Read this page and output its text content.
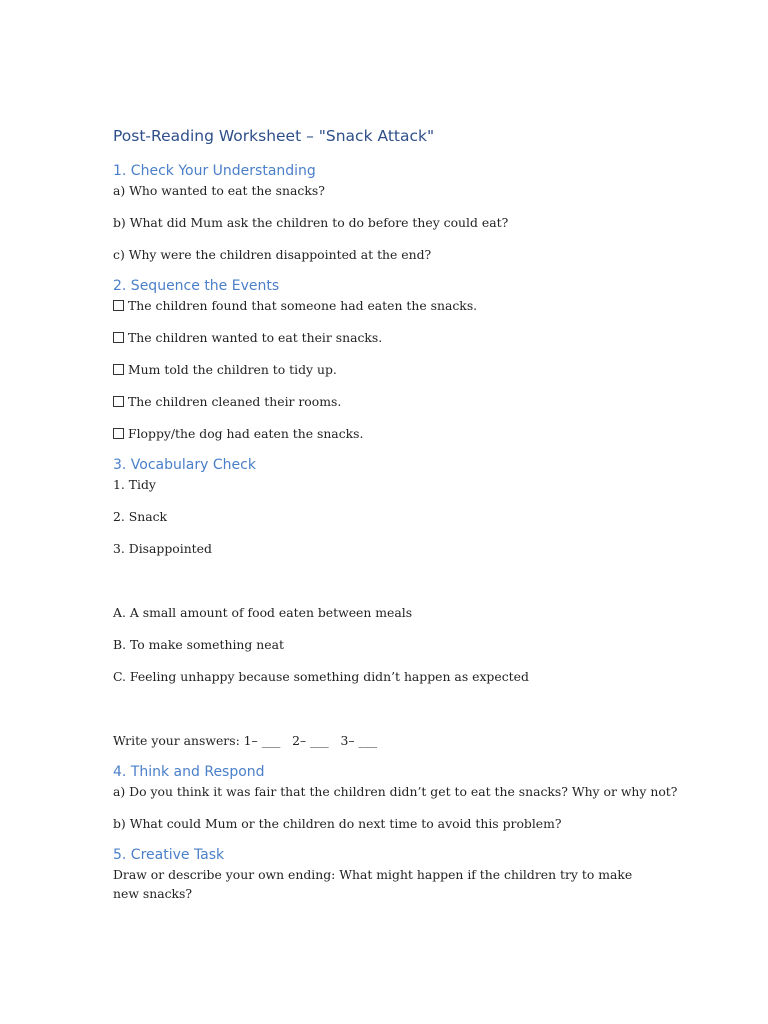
Post-Reading Worksheet – "Snack Attack"
1. Check Your Understanding

a) Who wanted to eat the snacks?

b) What did Mum ask the children to do before they could eat?

c) Why were the children disappointed at the end?

2. Sequence the Events

The children found that someone had eaten the snacks.

The children wanted to eat their snacks.

Mum told the children to tidy up.

The children cleaned their rooms.

Floppy/the dog had eaten the snacks.

3. Vocabulary Check

1. Tidy

2. Snack

3. Disappointed

A. A small amount of food eaten between meals

B. To make something neat

C. Feeling unhappy because something didn’t happen as expected

Write your answers: 1– ___   2– ___   3– ___

4. Think and Respond

a) Do you think it was fair that the children didn’t get to eat the snacks? Why or why not?

b) What could Mum or the children do next time to avoid this problem?

5. Creative Task

Draw or describe your own ending: What might happen if the children try to make new snacks?
